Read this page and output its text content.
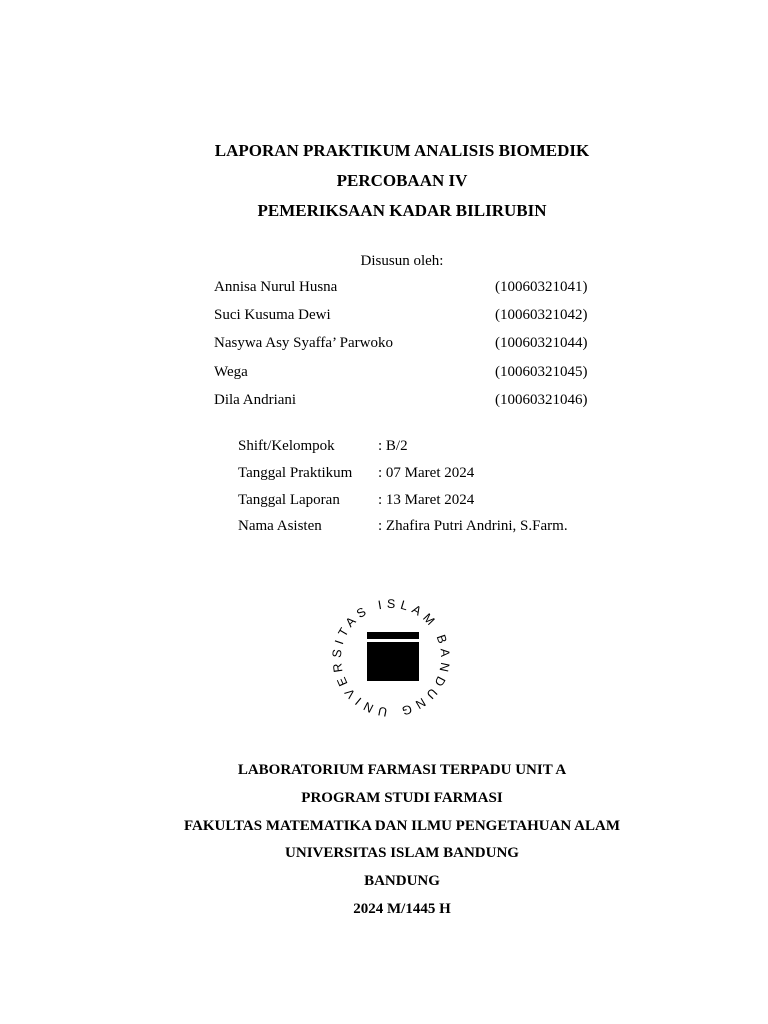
LAPORAN PRAKTIKUM ANALISIS BIOMEDIK
PERCOBAAN IV
PEMERIKSAAN KADAR BILIRUBIN
Disusun oleh:
Annisa Nurul Husna	(10060321041)
Suci Kusuma Dewi	(10060321042)
Nasywa Asy Syaffa’ Parwoko	(10060321044)
Wega	(10060321045)
Dila Andriani	(10060321046)
Shift/Kelompok	: B/2
Tanggal Praktikum : 07 Maret 2024
Tanggal Laporan	: 13 Maret 2024
Nama Asisten	: Zhafira Putri Andrini, S.Farm.
UNIVERSITAS ISLAM BANDUNG
LABORATORIUM FARMASI TERPADU UNIT A
PROGRAM STUDI FARMASI
FAKULTAS MATEMATIKA DAN ILMU PENGETAHUAN ALAM
UNIVERSITAS ISLAM BANDUNG
BANDUNG
2024 M/1445 H
